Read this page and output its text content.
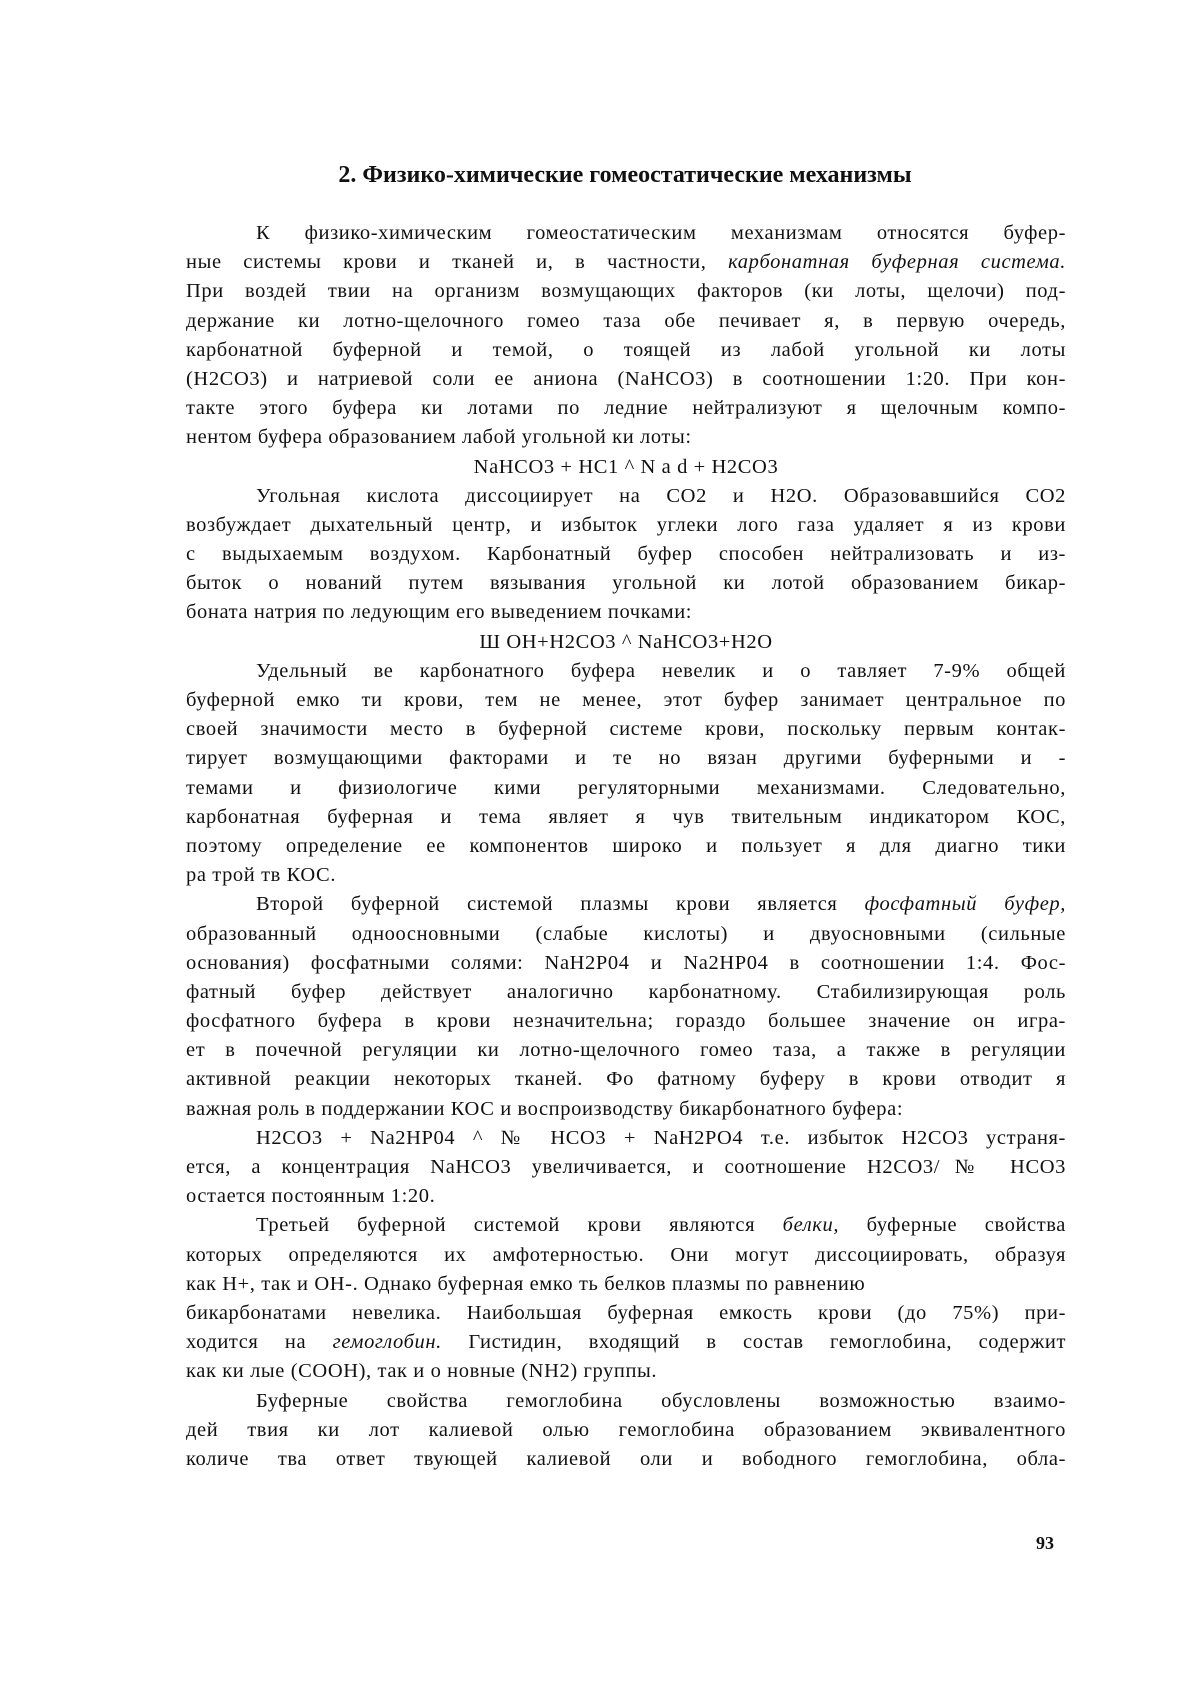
2. Физико-химические гомеостатические механизмы
К физико-химическим гомеостатическим механизмам относятся буфер-
ные системы крови и тканей и, в частности, карбонатная буферная система.
При воздей твии на организм возмущающих факторов (ки лоты, щелочи) под-
держание ки лотно-щелочного гомео таза обе печивает я, в первую очередь,
карбонатной буферной и темой, о тоящей из лабой угольной ки лоты
(H2CO3) и натриевой соли ее аниона (NaHCO3) в соотношении 1:20. При кон-
такте этого буфера ки лотами по ледние нейтрализуют я щелочным компо-
нентом буфера образованием лабой угольной ки лоты:
NaHCO3 + HC1 ^ N a d + H2CO3
Угольная кислота диссоциирует на CO2 и H2O. Образовавшийся CO2
возбуждает дыхательный центр, и избыток углеки лого газа удаляет я из крови
с выдыхаемым воздухом. Карбонатный буфер способен нейтрализовать и из-
быток о нований путем вязывания угольной ки лотой образованием бикар-
боната натрия по ледующим его выведением почками:
Ш OH+H2CO3 ^ NaHCO3+H2O
Удельный ве карбонатного буфера невелик и о тавляет 7-9% общей
буферной емко ти крови, тем не менее, этот буфер занимает центральное по
своей значимости место в буферной системе крови, поскольку первым контак-
тирует возмущающими факторами и те но вязан другими буферными и -
темами и физиологиче кими регуляторными механизмами. Следовательно,
карбонатная буферная и тема являет я чув твительным индикатором КОС,
поэтому определение ее компонентов широко и пользует я для диагно тики
ра трой тв КОС.
Второй буферной системой плазмы крови является фосфатный буфер,
образованный одноосновными (слабые кислоты) и двуосновными (сильные
основания) фосфатными солями: NaH2P04 и Na2HP04 в соотношении 1:4. Фос-
фатный буфер действует аналогично карбонатному. Стабилизирующая роль
фосфатного буфера в крови незначительна; гораздо большее значение он игра-
ет в почечной регуляции ки лотно-щелочного гомео таза, а также в регуляции
активной реакции некоторых тканей. Фо фатному буферу в крови отводит я
важная роль в поддержании КОС и воспроизводству бикарбонатного буфера:
H2CO3 + Na2HP04 ^ № HCO3 + NaH2PO4 т.е. избыток H2CO3 устраня-
ется, а концентрация NaHCO3 увеличивается, и соотношение H2CO3/№ HCO3
остается постоянным 1:20.
Третьей буферной системой крови являются белки, буферные свойства
которых определяются их амфотерностью. Они могут диссоциировать, образуя
как Н+, так и ОН-. Однако буферная емко ть белков плазмы по равнению
бикарбонатами невелика. Наибольшая буферная емкость крови (до 75%) при-
ходится на гемоглобин. Гистидин, входящий в состав гемоглобина, содержит
как ки лые (СООН), так и о новные (NH2) группы.
Буферные свойства гемоглобина обусловлены возможностью взаимо-
дей твия ки лот калиевой олью гемоглобина образованием эквивалентного
количе тва ответ твующей калиевой оли и вободного гемоглобина, обла-
93
